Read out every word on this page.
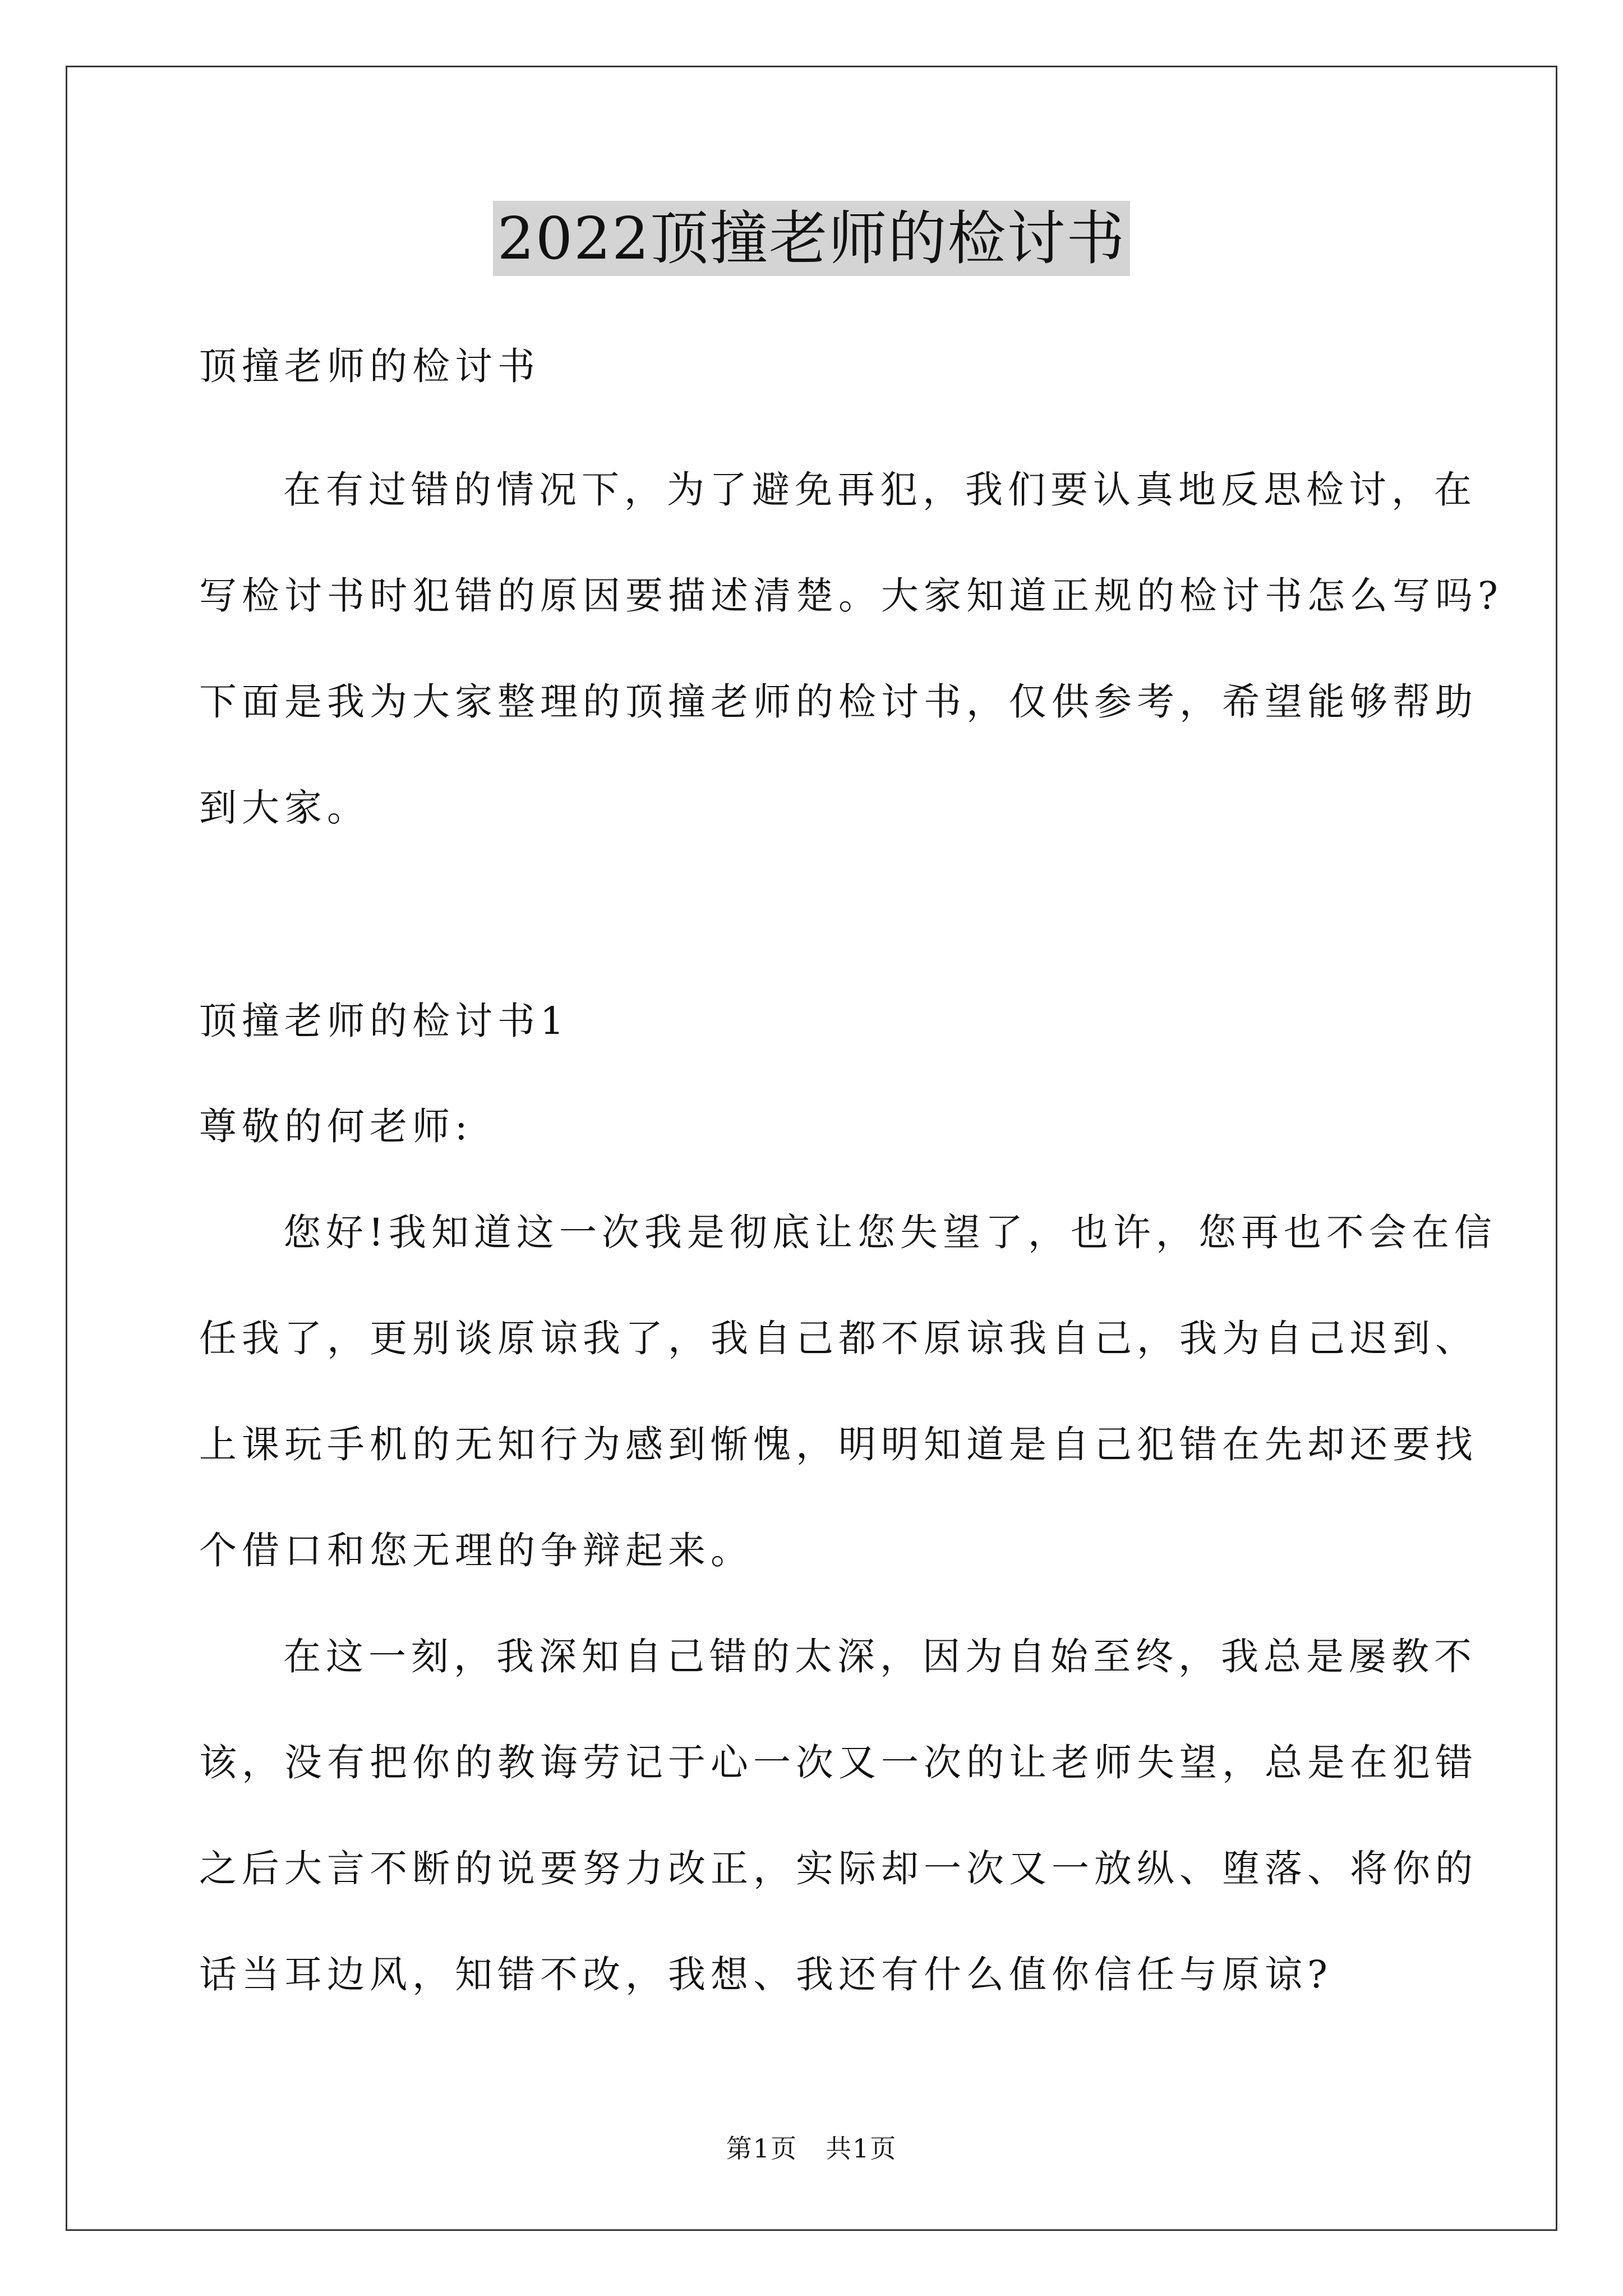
2022顶撞老师的检讨书
顶撞老师的检讨书
在有过错的情况下，为了避免再犯，我们要认真地反思检讨，在
写检讨书时犯错的原因要描述清楚。大家知道正规的检讨书怎么写吗?
下面是我为大家整理的顶撞老师的检讨书，仅供参考，希望能够帮助
到大家。
顶撞老师的检讨书1
尊敬的何老师:
您好!我知道这一次我是彻底让您失望了，也许，您再也不会在信
任我了，更别谈原谅我了，我自己都不原谅我自己，我为自己迟到、
上课玩手机的无知行为感到惭愧，明明知道是自己犯错在先却还要找
个借口和您无理的争辩起来。
在这一刻，我深知自己错的太深，因为自始至终，我总是屡教不
该，没有把你的教诲劳记于心一次又一次的让老师失望，总是在犯错
之后大言不断的说要努力改正，实际却一次又一放纵、堕落、将你的
话当耳边风，知错不改，我想、我还有什么值你信任与原谅?
第1页 共1页
